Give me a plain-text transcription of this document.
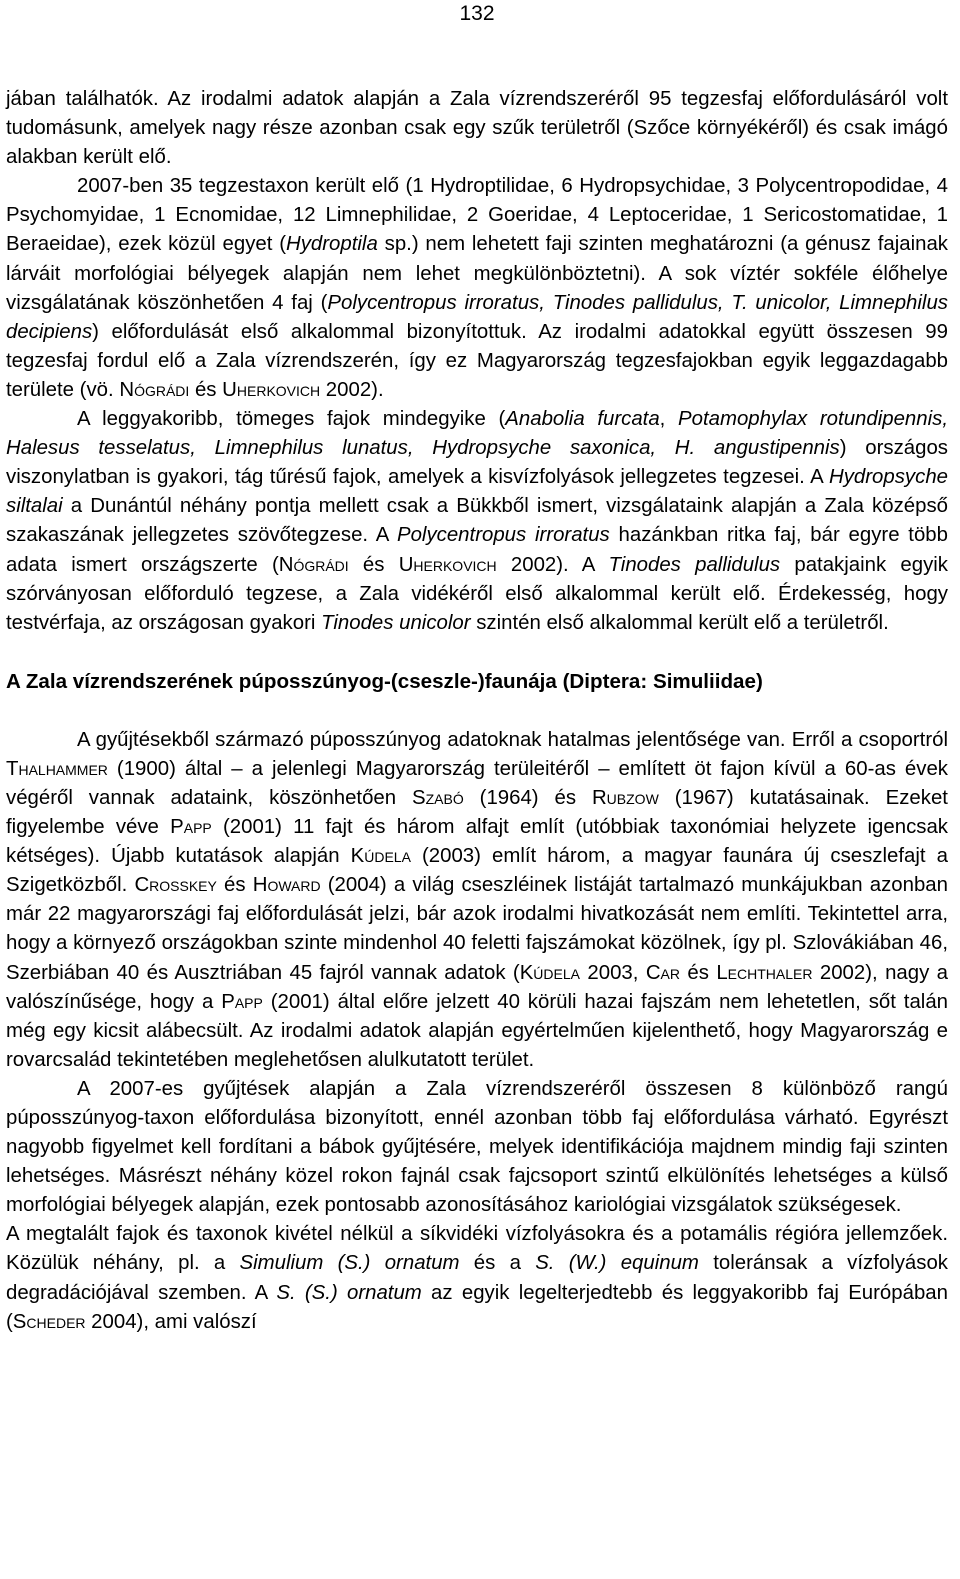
132

jában találhatók. Az irodalmi adatok alapján a Zala vízrendszeréről 95 tegzesfaj előfordulásáról volt tudomásunk, amelyek nagy része azonban csak egy szűk területről (Szőce környékéről) és csak imágó alakban került elő.

2007-ben 35 tegzestaxon került elő (1 Hydroptilidae, 6 Hydropsychidae, 3 Polycentropodidae, 4 Psychomyidae, 1 Ecnomidae, 12 Limnephilidae, 2 Goeridae, 4 Leptoceridae, 1 Sericostomatidae, 1 Beraeidae), ezek közül egyet (Hydroptila sp.) nem lehetett faji szinten meghatározni (a génusz fajainak lárváit morfológiai bélyegek alapján nem lehet megkülönböztetni). A sok víztér sokféle élőhelye vizsgálatának köszönhetően 4 faj (Polycentropus irroratus, Tinodes pallidulus, T. unicolor, Limnephilus decipiens) előfordulását első alkalommal bizonyítottuk. Az irodalmi adatokkal együtt összesen 99 tegzesfaj fordul elő a Zala vízrendszerén, így ez Magyarország tegzesfajokban egyik leggazdagabb területe (vö. Nógrádi és Uherkovich 2002).

A leggyakoribb, tömeges fajok mindegyike (Anabolia furcata, Potamophylax rotundipennis, Halesus tesselatus, Limnephilus lunatus, Hydropsyche saxonica, H. angustipennis) országos viszonylatban is gyakori, tág tűrésű fajok, amelyek a kisvízfolyások jellegzetes tegzesei. A Hydropsyche siltalai a Dunántúl néhány pontja mellett csak a Bükkből ismert, vizsgálataink alapján a Zala középső szakaszának jellegzetes szövőtegzese. A Polycentropus irroratus hazánkban ritka faj, bár egyre több adata ismert országszerte (Nógrádi és Uherkovich 2002). A Tinodes pallidulus patakjaink egyik szórványosan előforduló tegzese, a Zala vidékéről első alkalommal került elő. Érdekesség, hogy testvérfaja, az országosan gyakori Tinodes unicolor szintén első alkalommal került elő a területről.

A Zala vízrendszerének púposszúnyog-(cseszle-)faunája (Diptera: Simuliidae)

A gyűjtésekből származó púposszúnyog adatoknak hatalmas jelentősége van. Erről a csoportról Thalhammer (1900) által – a jelenlegi Magyarország terüleitéről – említett öt fajon kívül a 60-as évek végéről vannak adataink, köszönhetően Szabó (1964) és Rubzow (1967) kutatásainak. Ezeket figyelembe véve Papp (2001) 11 fajt és három alfajt említ (utóbbiak taxonómiai helyzete igencsak kétséges). Újabb kutatások alapján Kúdela (2003) említ három, a magyar faunára új cseszlefajt a Szigetközből. Crosskey és Howard (2004) a világ cseszléinek listáját tartalmazó munkájukban azonban már 22 magyarországi faj előfordulását jelzi, bár azok irodalmi hivatkozását nem említi. Tekintettel arra, hogy a környező országokban szinte mindenhol 40 feletti fajszámokat közölnek, így pl. Szlovákiában 46, Szerbiában 40 és Ausztriában 45 fajról vannak adatok (Kúdela 2003, Car és Lechthaler 2002), nagy a valószínűsége, hogy a Papp (2001) által előre jelzett 40 körüli hazai fajszám nem lehetetlen, sőt talán még egy kicsit alábecsült. Az irodalmi adatok alapján egyértelműen kijelenthető, hogy Magyarország e rovarcsalád tekintetében meglehetősen alulkutatott terület.

A 2007-es gyűjtések alapján a Zala vízrendszeréről összesen 8 különböző rangú púposszúnyog-taxon előfordulása bizonyított, ennél azonban több faj előfordulása várható. Egyrészt nagyobb figyelmet kell fordítani a bábok gyűjtésére, melyek identifikációja majdnem mindig faji szinten lehetséges. Másrészt néhány közel rokon fajnál csak fajcsoport szintű elkülönítés lehetséges a külső morfológiai bélyegek alapján, ezek pontosabb azonosításához kariológiai vizsgálatok szükségesek.

A megtalált fajok és taxonok kivétel nélkül a síkvidéki vízfolyásokra és a potamális régióra jellemzőek. Közülük néhány, pl. a Simulium (S.) ornatum és a S. (W.) equinum toleránsak a vízfolyások degradációjával szemben. A S. (S.) ornatum az egyik legelterjedtebb és leggyakoribb faj Európában (Scheder 2004), ami valószí
